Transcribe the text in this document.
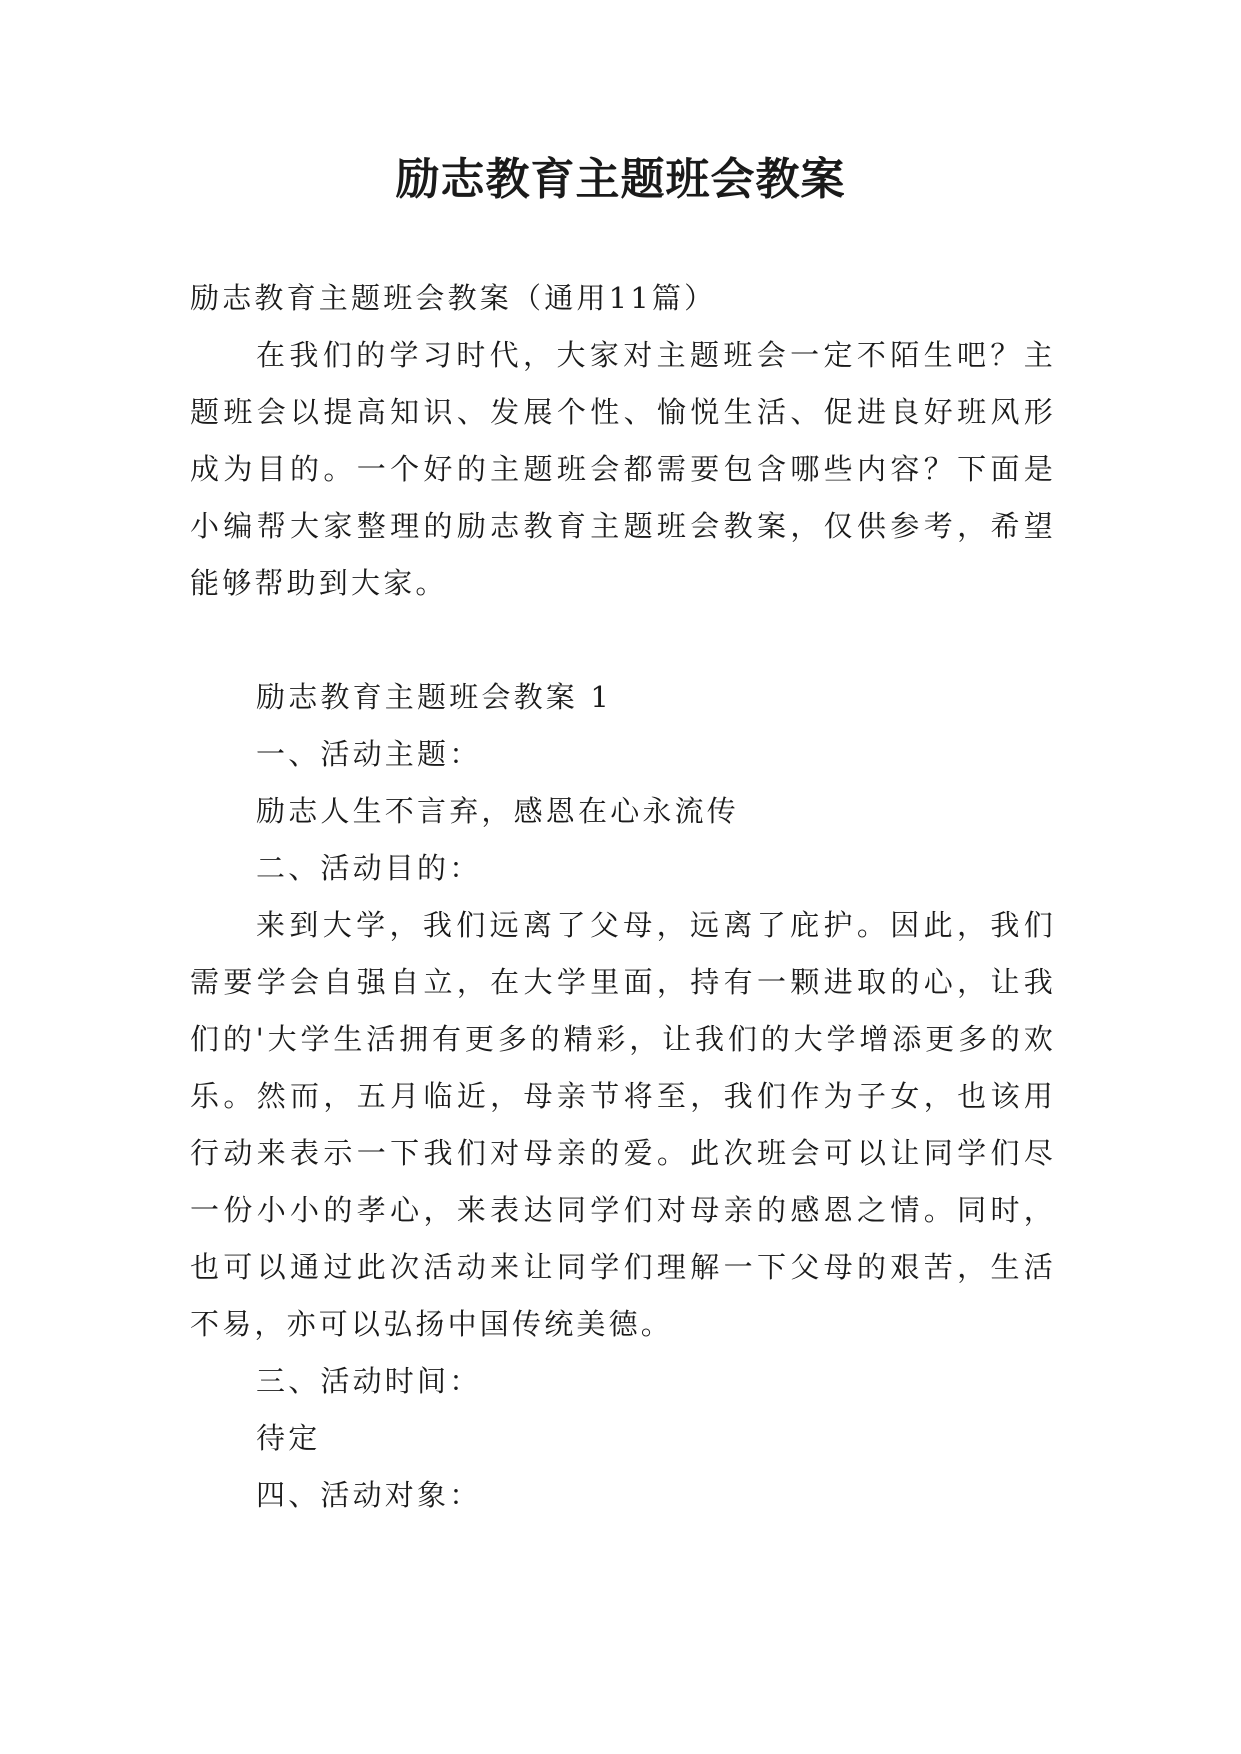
励志教育主题班会教案

励志教育主题班会教案（通用11篇）

在我们的学习时代，大家对主题班会一定不陌生吧？主题班会以提高知识、发展个性、愉悦生活、促进良好班风形成为目的。一个好的主题班会都需要包含哪些内容？下面是小编帮大家整理的励志教育主题班会教案，仅供参考，希望能够帮助到大家。

励志教育主题班会教案 1

一、活动主题：

励志人生不言弃，感恩在心永流传

二、活动目的：

来到大学，我们远离了父母，远离了庇护。因此，我们需要学会自强自立，在大学里面，持有一颗进取的心，让我们的'大学生活拥有更多的精彩，让我们的大学增添更多的欢乐。然而，五月临近，母亲节将至，我们作为子女，也该用行动来表示一下我们对母亲的爱。此次班会可以让同学们尽一份小小的孝心，来表达同学们对母亲的感恩之情。同时，也可以通过此次活动来让同学们理解一下父母的艰苦，生活不易，亦可以弘扬中国传统美德。

三、活动时间：

待定

四、活动对象：
